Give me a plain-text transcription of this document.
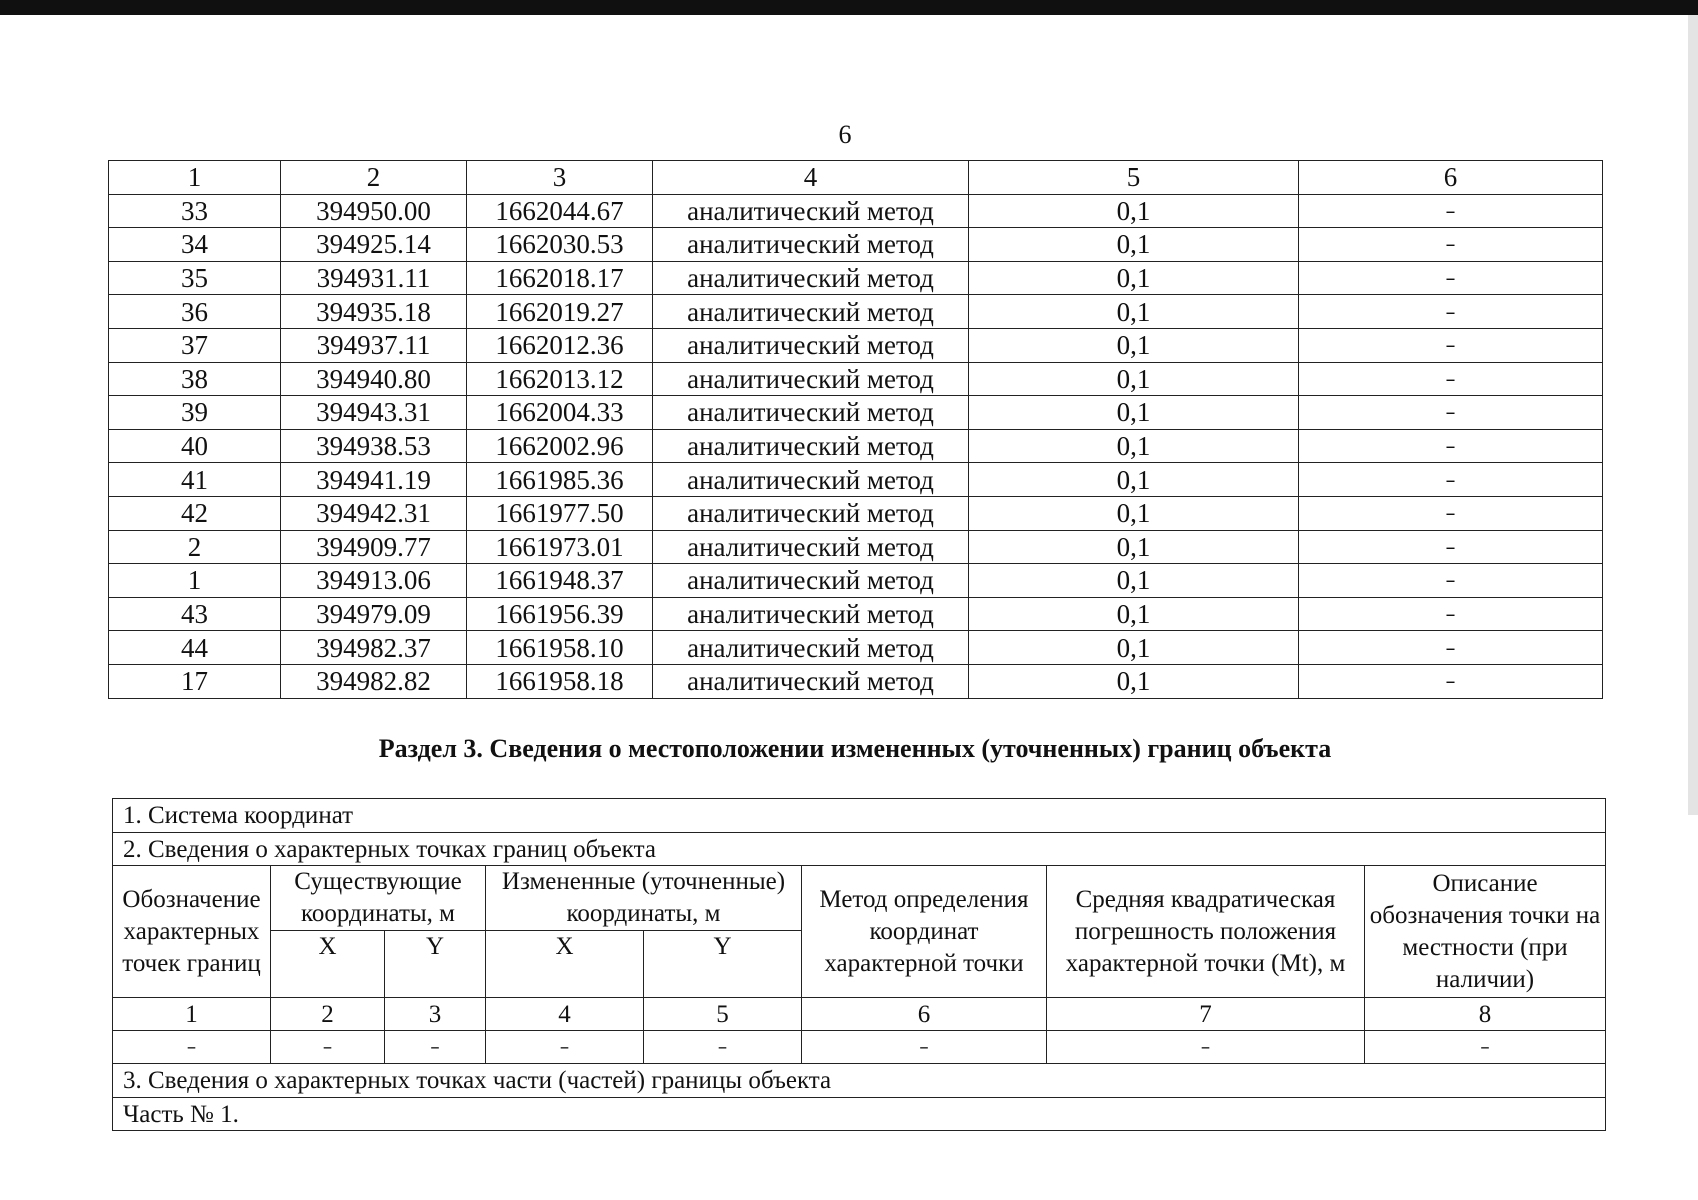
6
1	2	3	4	5	6
33	394950.00	1662044.67	аналитический метод	0,1	–
34	394925.14	1662030.53	аналитический метод	0,1	–
35	394931.11	1662018.17	аналитический метод	0,1	–
36	394935.18	1662019.27	аналитический метод	0,1	–
37	394937.11	1662012.36	аналитический метод	0,1	–
38	394940.80	1662013.12	аналитический метод	0,1	–
39	394943.31	1662004.33	аналитический метод	0,1	–
40	394938.53	1662002.96	аналитический метод	0,1	–
41	394941.19	1661985.36	аналитический метод	0,1	–
42	394942.31	1661977.50	аналитический метод	0,1	–
2	394909.77	1661973.01	аналитический метод	0,1	–
1	394913.06	1661948.37	аналитический метод	0,1	–
43	394979.09	1661956.39	аналитический метод	0,1	–
44	394982.37	1661958.10	аналитический метод	0,1	–
17	394982.82	1661958.18	аналитический метод	0,1	–
Раздел 3. Сведения о местоположении измененных (уточненных) границ объекта
1. Система координат							
2. Сведения о характерных точках границ объекта							
Обозначение характерных точек границ	Существующие координаты, м		Измененные (уточненные) координаты, м		Метод определения координат характерной точки	Средняя квадратическая погрешность положения характерной точки (Mt), м	Описание обозначения точки на местности (при наличии)
	X	Y	X	Y			
1	2	3	4	5	6	7	8
–	–	–	–	–	–	–	–
3. Сведения о характерных точках части (частей) границы объекта							
Часть № 1.							
